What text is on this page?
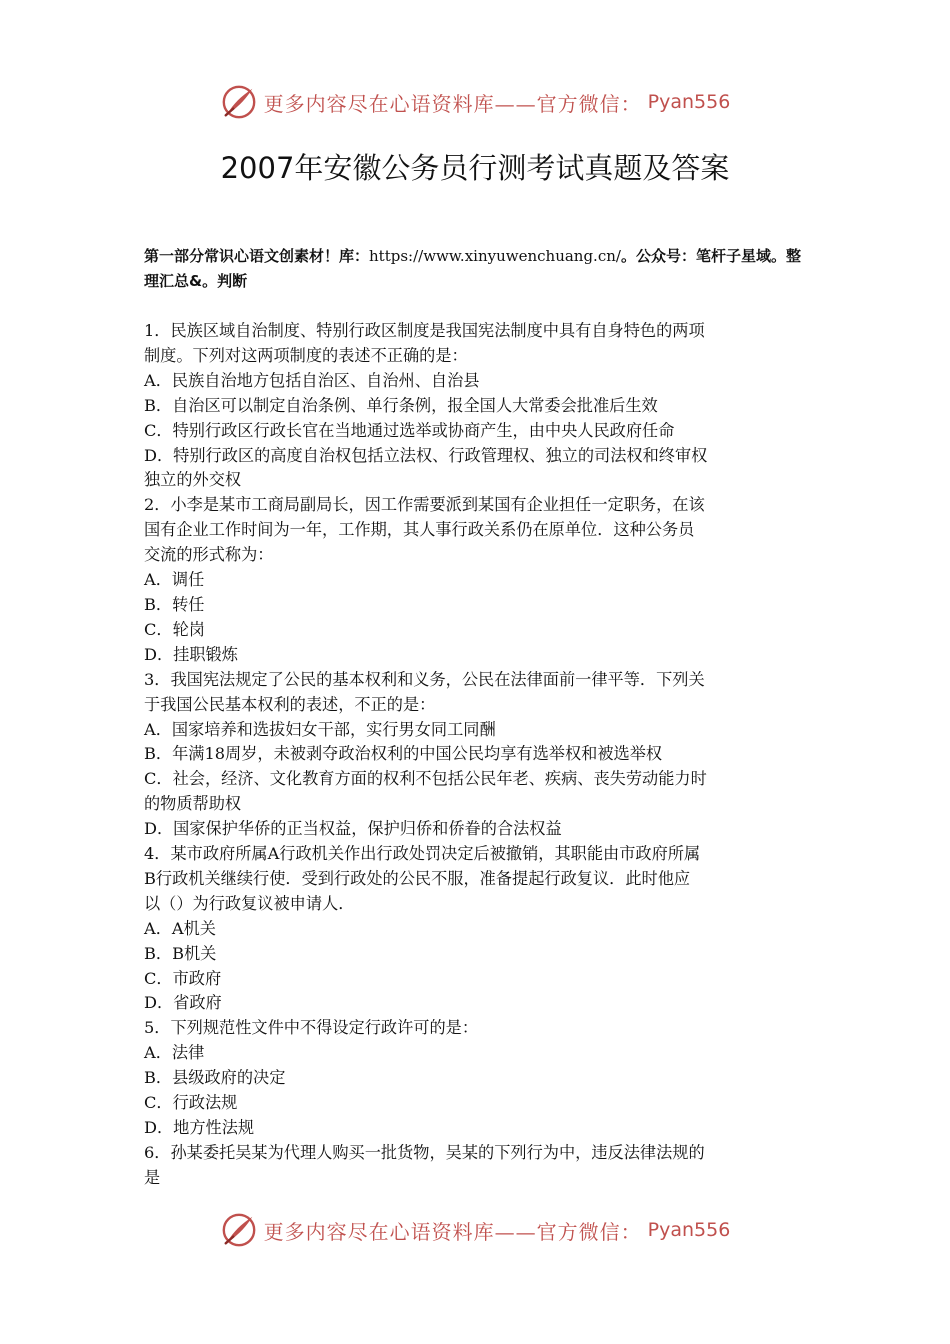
更多内容尽在心语资料库——官方微信： Pyan556
2007年安徽公务员行测考试真题及答案
第一部分常识心语文创素材！库：https://www.xinyuwenchuang.cn/。公众号：笔杆子星域。整理汇总&。判断

1．民族区域自治制度、特别行政区制度是我国宪法制度中具有自身特色的两项

制度。下列对这两项制度的表述不正确的是：

A．民族自治地方包括自治区、自治州、自治县

B．自治区可以制定自治条例、单行条例，报全国人大常委会批准后生效

C．特别行政区行政长官在当地通过选举或协商产生，由中央人民政府任命

D．特别行政区的高度自治权包括立法权、行政管理权、独立的司法权和终审权

独立的外交权

2．小李是某市工商局副局长，因工作需要派到某国有企业担任一定职务，在该

国有企业工作时间为一年，工作期，其人事行政关系仍在原单位．这种公务员

交流的形式称为：

A．调任

B．转任

C．轮岗

D．挂职锻炼

3．我国宪法规定了公民的基本权利和义务，公民在法律面前一律平等．下列关

于我国公民基本权利的表述，不正的是：

A．国家培养和选拔妇女干部，实行男女同工同酬

B．年满18周岁，未被剥夺政治权利的中国公民均享有选举权和被选举权

C．社会，经济、文化教育方面的权利不包括公民年老、疾病、丧失劳动能力时

的物质帮助权

D．国家保护华侨的正当权益，保护归侨和侨眷的合法权益

4．某市政府所属A行政机关作出行政处罚决定后被撤销，其职能由市政府所属

B行政机关继续行使．受到行政处的公民不服，准备提起行政复议．此时他应

以（）为行政复议被申请人．

A．A机关

B．B机关

C．市政府

D．省政府

5．下列规范性文件中不得设定行政许可的是：

A．法律

B．县级政府的决定

C．行政法规

D．地方性法规

6．孙某委托吴某为代理人购买一批货物，吴某的下列行为中，违反法律法规的

是

更多内容尽在心语资料库——官方微信： Pyan556
